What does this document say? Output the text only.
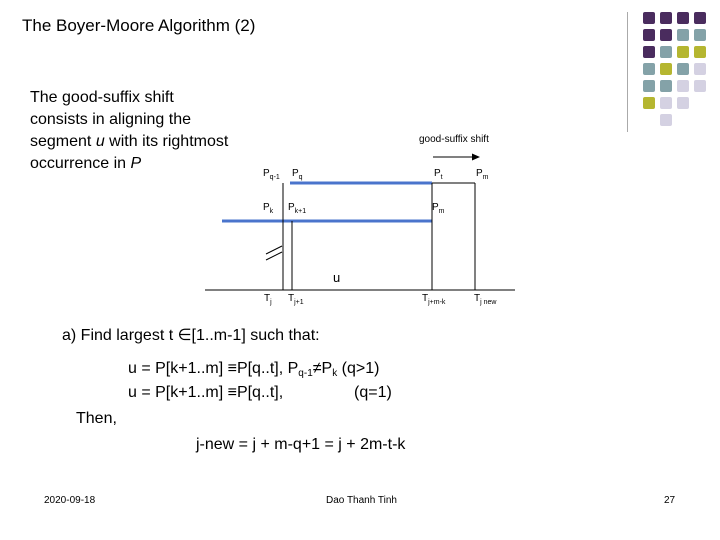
The Boyer-Moore Algorithm (2)
The good-suffix shift
consists in aligning the
segment u with its rightmost
occurrence in P
good-suffix shift
$P_{q-1}$ $P_q$	$P_t$	$P_m$
$P_k$ $P_{k+1}$	$P_m$
u
$T_j$ $T_{j+1}$	$T_{j+m-k}$	$T_{j new}$
a) Find largest t ∈[1..m-1] such that:
u = P[k+1..m] ≡P[q..t], Pq-1≠Pk (q>1)
u = P[k+1..m] ≡P[q..t],	(q=1)
Then,
j-new = j + m-q+1 = j + 2m-t-k
2020-09-18	Dao Thanh Tinh	27
